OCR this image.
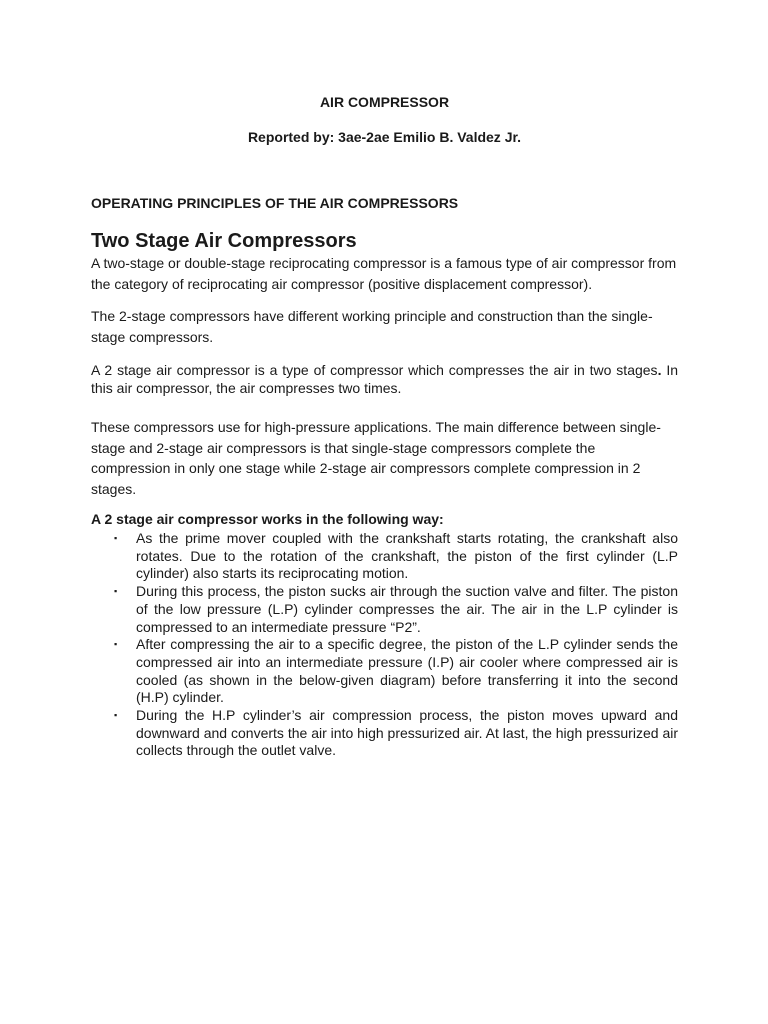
AIR COMPRESSOR

Reported by: 3ae-2ae Emilio B. Valdez Jr.

OPERATING PRINCIPLES OF THE AIR COMPRESSORS

Two Stage Air Compressors

A two-stage or double-stage reciprocating compressor is a famous type of air compressor from the category of reciprocating air compressor (positive displacement compressor).

The 2-stage compressors have different working principle and construction than the single-stage compressors.

A 2 stage air compressor is a type of compressor which compresses the air in two stages. In this air compressor, the air compresses two times.

These compressors use for high-pressure applications. The main difference between single-stage and 2-stage air compressors is that single-stage compressors complete the compression in only one stage while 2-stage air compressors complete compression in 2 stages.

A 2 stage air compressor works in the following way:

▪ As the prime mover coupled with the crankshaft starts rotating, the crankshaft also rotates. Due to the rotation of the crankshaft, the piston of the first cylinder (L.P cylinder) also starts its reciprocating motion.
▪ During this process, the piston sucks air through the suction valve and filter. The piston of the low pressure (L.P) cylinder compresses the air. The air in the L.P cylinder is compressed to an intermediate pressure “P2”.
▪ After compressing the air to a specific degree, the piston of the L.P cylinder sends the compressed air into an intermediate pressure (I.P) air cooler where compressed air is cooled (as shown in the below-given diagram) before transferring it into the second (H.P) cylinder.
▪ During the H.P cylinder’s air compression process, the piston moves upward and downward and converts the air into high pressurized air. At last, the high pressurized air collects through the outlet valve.
